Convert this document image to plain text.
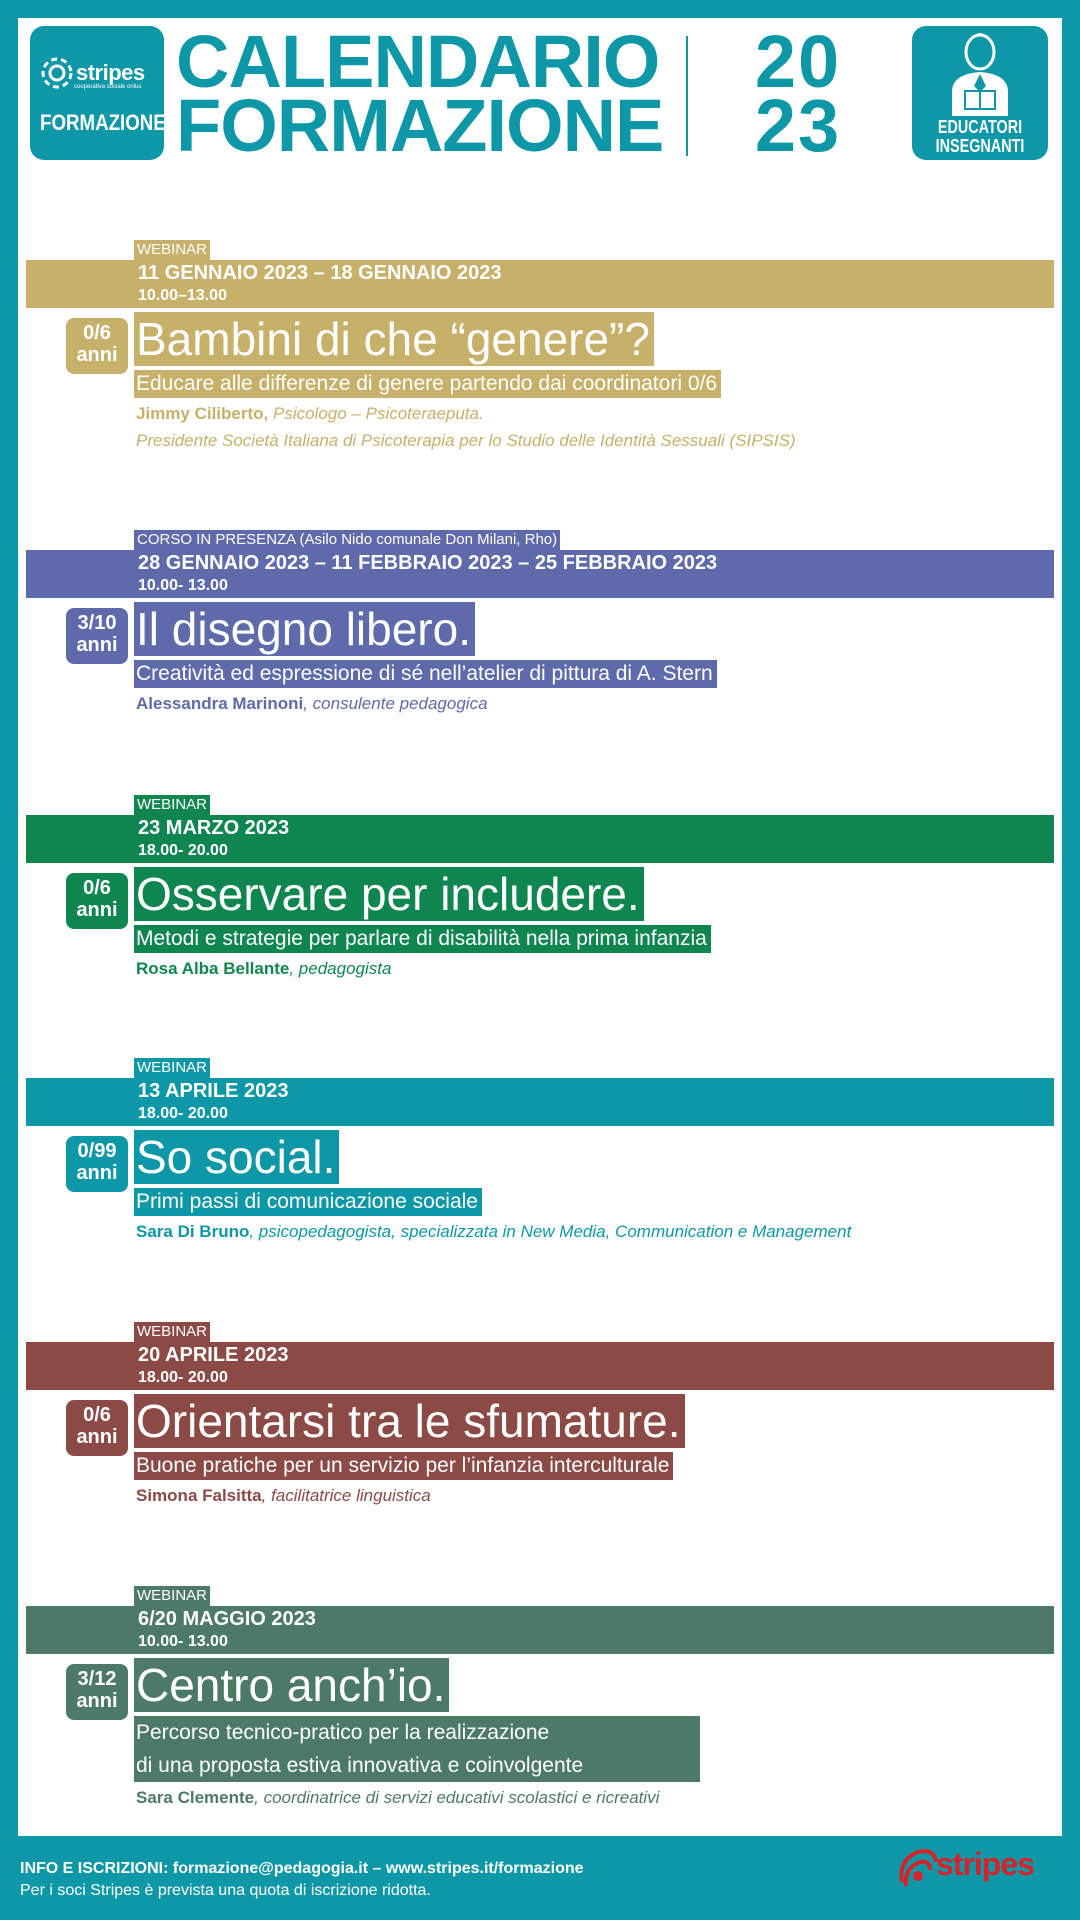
stripes
cooperativa sociale onlus
FORMAZIONE
CALENDARIO
FORMAZIONE
20
23	EDUCATORI
INSEGNANTI
WEBINAR
11 GENNAIO 2023 – 18 GENNAIO 2023
10.00–13.00
0/6
anni Bambini di che “genere”?
Educare alle differenze di genere partendo dai coordinatori 0/6
Jimmy Ciliberto, Psicologo – Psicoteraeputa.
Presidente Società Italiana di Psicoterapia per lo Studio delle Identità Sessuali (SIPSIS)
CORSO IN PRESENZA (Asilo Nido comunale Don Milani, Rho)
28 GENNAIO 2023 – 11 FEBBRAIO 2023 – 25 FEBBRAIO 2023
10.00- 13.00
3/10
anni Il disegno libero.
Creatività ed espressione di sé nell’atelier di pittura di A. Stern
Alessandra Marinoni, consulente pedagogica
WEBINAR
23 MARZO 2023
18.00- 20.00
0/6
anni Osservare per includere.
Metodi e strategie per parlare di disabilità nella prima infanzia
Rosa Alba Bellante, pedagogista
WEBINAR
13 APRILE 2023
18.00- 20.00
0/99
anni So social.
Primi passi di comunicazione sociale
Sara Di Bruno, psicopedagogista, specializzata in New Media, Communication e Management
WEBINAR
20 APRILE 2023
18.00- 20.00
0/6
anni Orientarsi tra le sfumature.
Buone pratiche per un servizio per l’infanzia interculturale
Simona Falsitta, facilitatrice linguistica
WEBINAR
6/20 MAGGIO 2023
10.00- 13.00
3/12
anni Centro anch’io.
Percorso tecnico-pratico per la realizzazione
di una proposta estiva innovativa e coinvolgente
Sara Clemente, coordinatrice di servizi educativi scolastici e ricreativi
INFO E ISCRIZIONI: formazione@pedagogia.it – www.stripes.it/formazione
Per i soci Stripes è prevista una quota di iscrizione ridotta.
stripes
